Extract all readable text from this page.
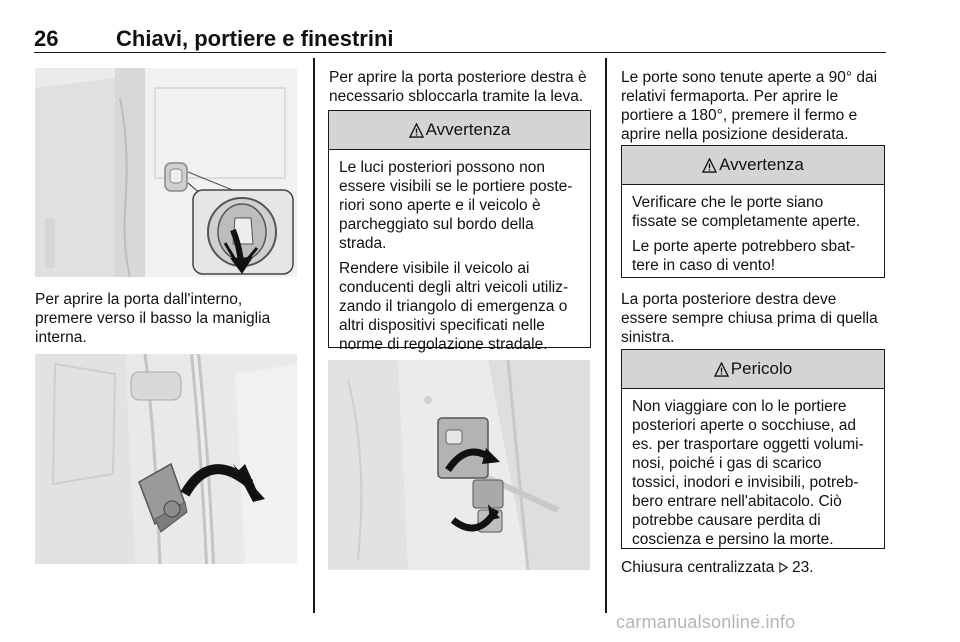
26	Chiavi, portiere e finestrini

Per aprire la porta dall'interno,
premere verso il basso la maniglia
interna.

Per aprire la porta posteriore destra è
necessario sbloccarla tramite la leva.

Avvertenza

Le luci posteriori possono non
essere visibili se le portiere poste-
riori sono aperte e il veicolo è
parcheggiato sul bordo della
strada.

Rendere visibile il veicolo ai
conducenti degli altri veicoli utiliz-
zando il triangolo di emergenza o
altri dispositivi specificati nelle
norme di regolazione stradale.

Le porte sono tenute aperte a 90° dai
relativi fermaporta. Per aprire le
portiere a 180°, premere il fermo e
aprire nella posizione desiderata.

Avvertenza

Verificare che le porte siano
fissate se completamente aperte.

Le porte aperte potrebbero sbat-
tere in caso di vento!

La porta posteriore destra deve
essere sempre chiusa prima di quella
sinistra.

Pericolo

Non viaggiare con lo le portiere
posteriori aperte o socchiuse, ad
es. per trasportare oggetti volumi-
nosi, poiché i gas di scarico
tossici, inodori e invisibili, potreb-
bero entrare nell'abitacolo. Ciò
potrebbe causare perdita di
coscienza e persino la morte.

Chiusura centralizzata 23.

carmanualsonline.info
